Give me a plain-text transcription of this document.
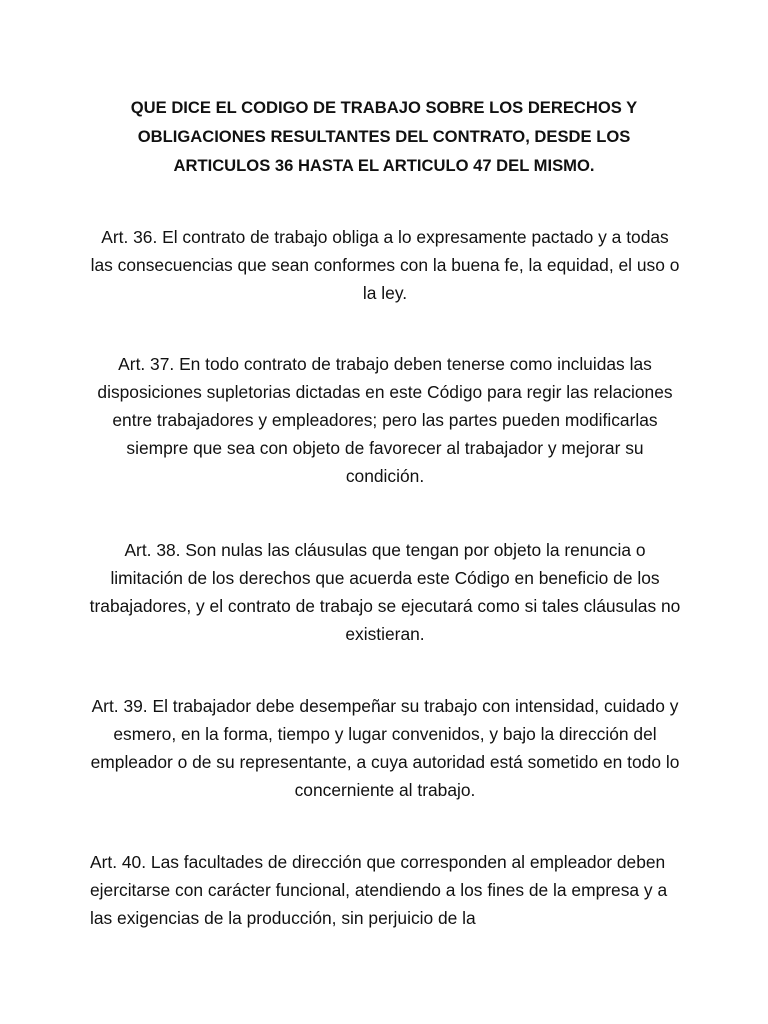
QUE DICE EL CODIGO DE TRABAJO SOBRE LOS DERECHOS Y OBLIGACIONES RESULTANTES DEL CONTRATO, DESDE LOS ARTICULOS 36 HASTA EL ARTICULO 47 DEL MISMO.

Art. 36. El contrato de trabajo obliga a lo expresamente pactado y a todas las consecuencias que sean conformes con la buena fe, la equidad, el uso o la ley.

Art. 37. En todo contrato de trabajo deben tenerse como incluidas las disposiciones supletorias dictadas en este Código para regir las relaciones entre trabajadores y empleadores; pero las partes pueden modificarlas siempre que sea con objeto de favorecer al trabajador y mejorar su condición.

Art. 38. Son nulas las cláusulas que tengan por objeto la renuncia o limitación de los derechos que acuerda este Código en beneficio de los trabajadores, y el contrato de trabajo se ejecutará como si tales cláusulas no existieran.

Art. 39. El trabajador debe desempeñar su trabajo con intensidad, cuidado y esmero, en la forma, tiempo y lugar convenidos, y bajo la dirección del empleador o de su representante, a cuya autoridad está sometido en todo lo concerniente al trabajo.

Art. 40. Las facultades de dirección que corresponden al empleador deben ejercitarse con carácter funcional, atendiendo a los fines de la empresa y a las exigencias de la producción, sin perjuicio de la
